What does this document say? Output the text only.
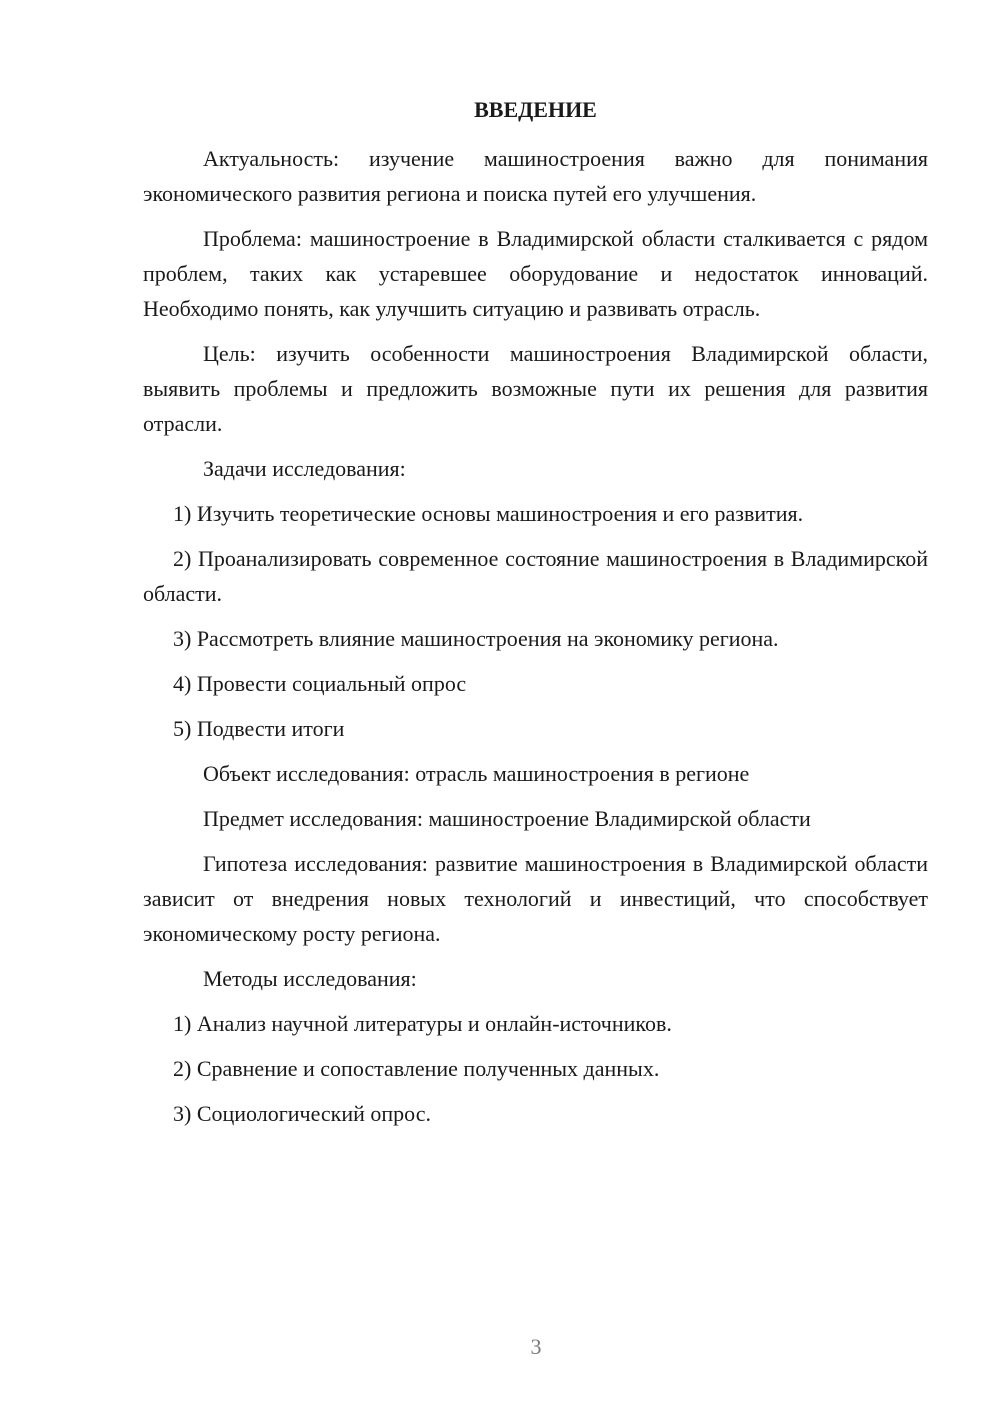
ВВЕДЕНИЕ

Актуальность: изучение машиностроения важно для понимания экономического развития региона и поиска путей его улучшения.

Проблема: машиностроение в Владимирской области сталкивается с рядом проблем, таких как устаревшее оборудование и недостаток инноваций. Необходимо понять, как улучшить ситуацию и развивать отрасль.

Цель: изучить особенности машиностроения Владимирской области, выявить проблемы и предложить возможные пути их решения для развития отрасли.

Задачи исследования:

1) Изучить теоретические основы машиностроения и его развития.

2) Проанализировать современное состояние машиностроения в Владимирской области.

3) Рассмотреть влияние машиностроения на экономику региона.

4) Провести социальный опрос

5) Подвести итоги

Объект исследования: отрасль машиностроения в регионе

Предмет исследования: машиностроение Владимирской области

Гипотеза исследования: развитие машиностроения в Владимирской области зависит от внедрения новых технологий и инвестиций, что способствует экономическому росту региона.

Методы исследования:

1) Анализ научной литературы и онлайн-источников.

2) Сравнение и сопоставление полученных данных.

3) Социологический опрос.

3
